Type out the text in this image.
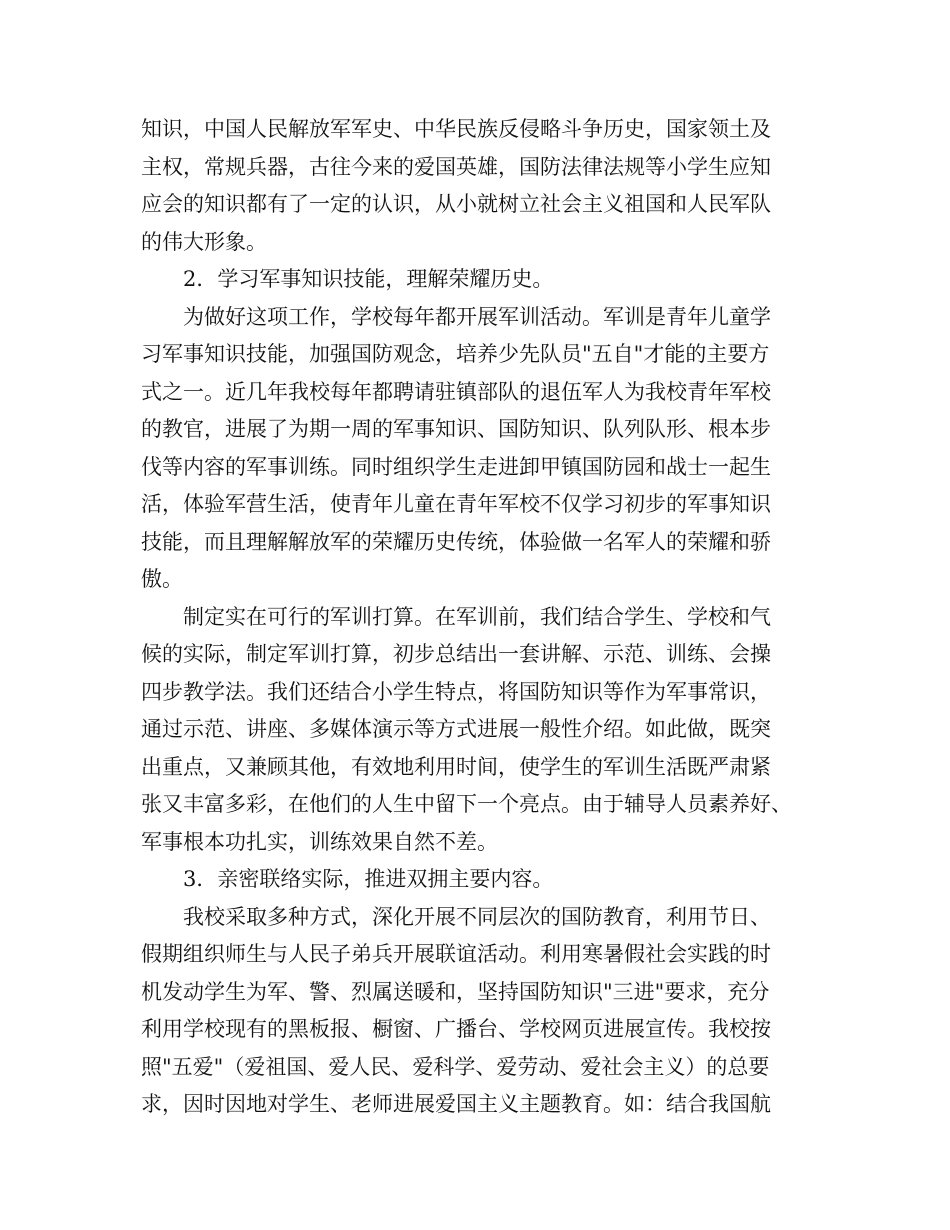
知识，中国人民解放军军史、中华民族反侵略斗争历史，国家领土及
主权，常规兵器，古往今来的爱国英雄，国防法律法规等小学生应知
应会的知识都有了一定的认识，从小就树立社会主义祖国和人民军队
的伟大形象。
2．学习军事知识技能，理解荣耀历史。
为做好这项工作，学校每年都开展军训活动。军训是青年儿童学
习军事知识技能，加强国防观念，培养少先队员"五自"才能的主要方
式之一。近几年我校每年都聘请驻镇部队的退伍军人为我校青年军校
的教官，进展了为期一周的军事知识、国防知识、队列队形、根本步
伐等内容的军事训练。同时组织学生走进卸甲镇国防园和战士一起生
活，体验军营生活，使青年儿童在青年军校不仅学习初步的军事知识
技能，而且理解解放军的荣耀历史传统，体验做一名军人的荣耀和骄
傲。
制定实在可行的军训打算。在军训前，我们结合学生、学校和气
候的实际，制定军训打算，初步总结出一套讲解、示范、训练、会操
四步教学法。我们还结合小学生特点，将国防知识等作为军事常识，
通过示范、讲座、多媒体演示等方式进展一般性介绍。如此做，既突
出重点，又兼顾其他，有效地利用时间，使学生的军训生活既严肃紧
张又丰富多彩，在他们的人生中留下一个亮点。由于辅导人员素养好、
军事根本功扎实，训练效果自然不差。
3．亲密联络实际，推进双拥主要内容。
我校采取多种方式，深化开展不同层次的国防教育，利用节日、
假期组织师生与人民子弟兵开展联谊活动。利用寒暑假社会实践的时
机发动学生为军、警、烈属送暖和，坚持国防知识"三进"要求，充分
利用学校现有的黑板报、橱窗、广播台、学校网页进展宣传。我校按
照"五爱"（爱祖国、爱人民、爱科学、爱劳动、爱社会主义）的总要
求，因时因地对学生、老师进展爱国主义主题教育。如：结合我国航
